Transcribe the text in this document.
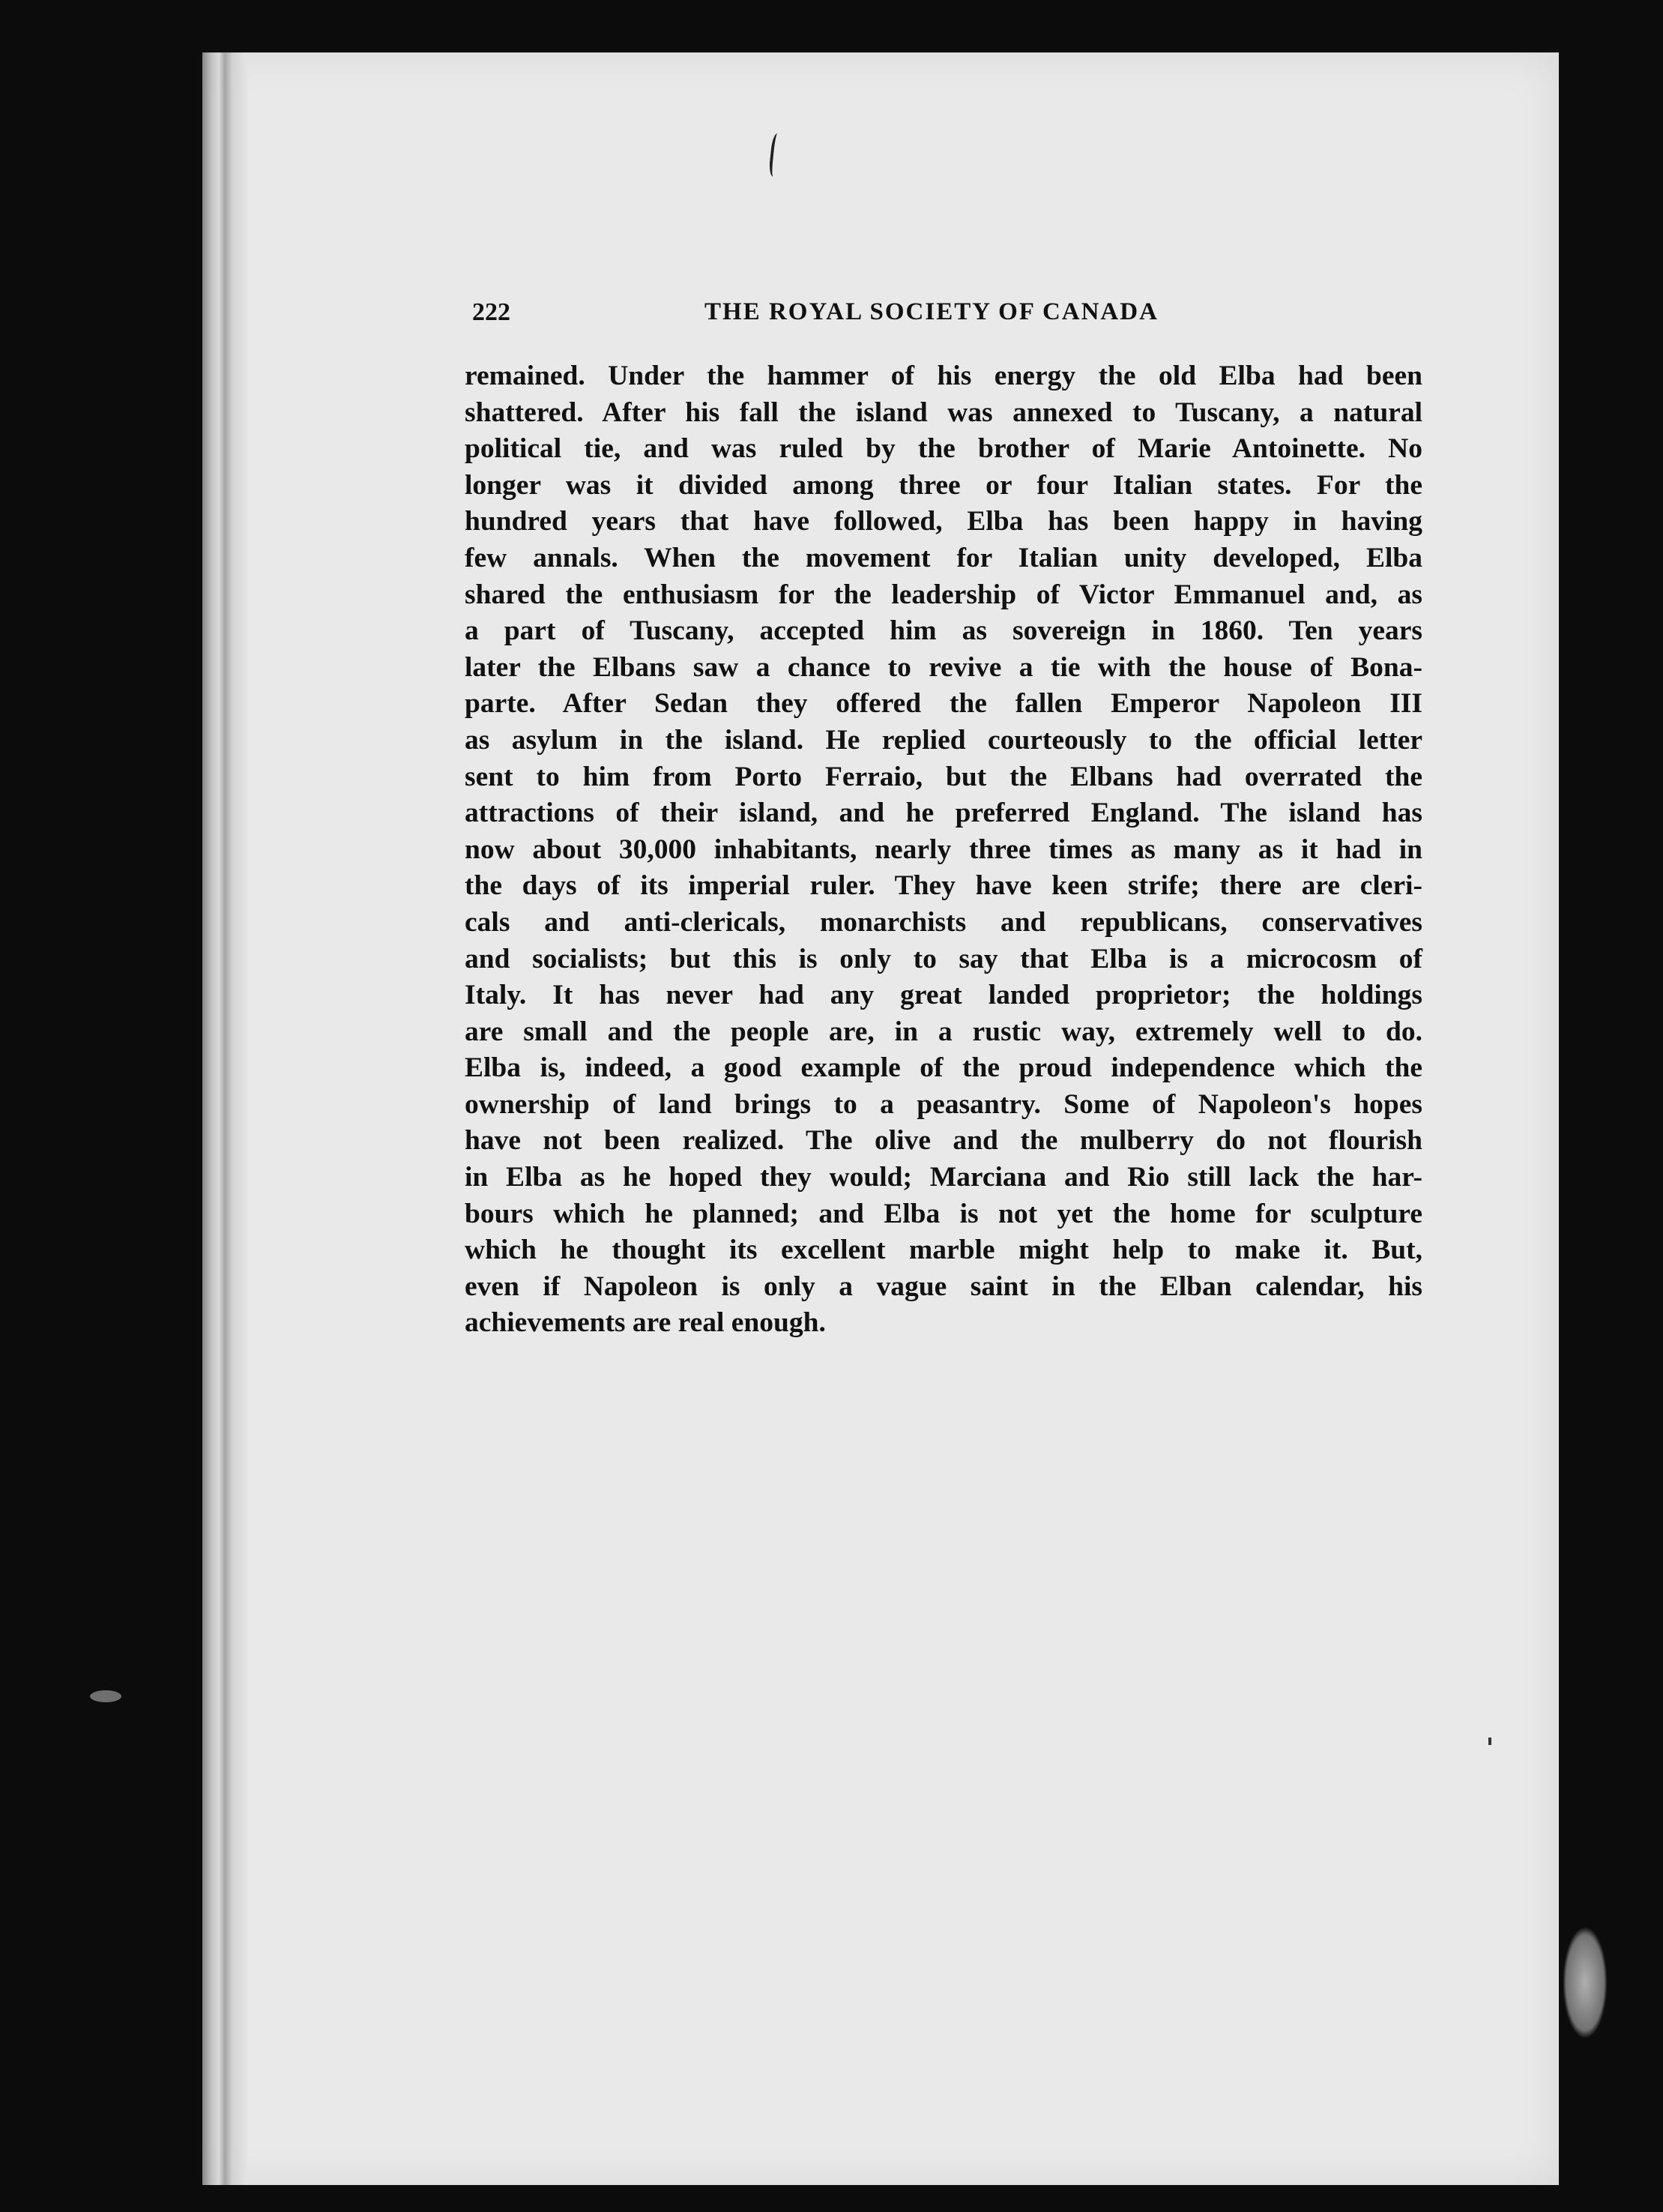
222	THE ROYAL SOCIETY OF CANADA
remained. Under the hammer of his energy the old Elba had been
shattered. After his fall the island was annexed to Tuscany, a natural
political tie, and was ruled by the brother of Marie Antoinette. No
longer was it divided among three or four Italian states. For the
hundred years that have followed, Elba has been happy in having
few annals. When the movement for Italian unity developed, Elba
shared the enthusiasm for the leadership of Victor Emmanuel and, as
a part of Tuscany, accepted him as sovereign in 1860. Ten years
later the Elbans saw a chance to revive a tie with the house of Bona-
parte. After Sedan they offered the fallen Emperor Napoleon III
as asylum in the island. He replied courteously to the official letter
sent to him from Porto Ferraio, but the Elbans had overrated the
attractions of their island, and he preferred England. The island has
now about 30,000 inhabitants, nearly three times as many as it had in
the days of its imperial ruler. They have keen strife; there are cleri-
cals and anti-clericals, monarchists and republicans, conservatives
and socialists; but this is only to say that Elba is a microcosm of
Italy. It has never had any great landed proprietor; the holdings
are small and the people are, in a rustic way, extremely well to do.
Elba is, indeed, a good example of the proud independence which the
ownership of land brings to a peasantry. Some of Napoleon's hopes
have not been realized. The olive and the mulberry do not flourish
in Elba as he hoped they would; Marciana and Rio still lack the har-
bours which he planned; and Elba is not yet the home for sculpture
which he thought its excellent marble might help to make it. But,
even if Napoleon is only a vague saint in the Elban calendar, his
achievements are real enough.
